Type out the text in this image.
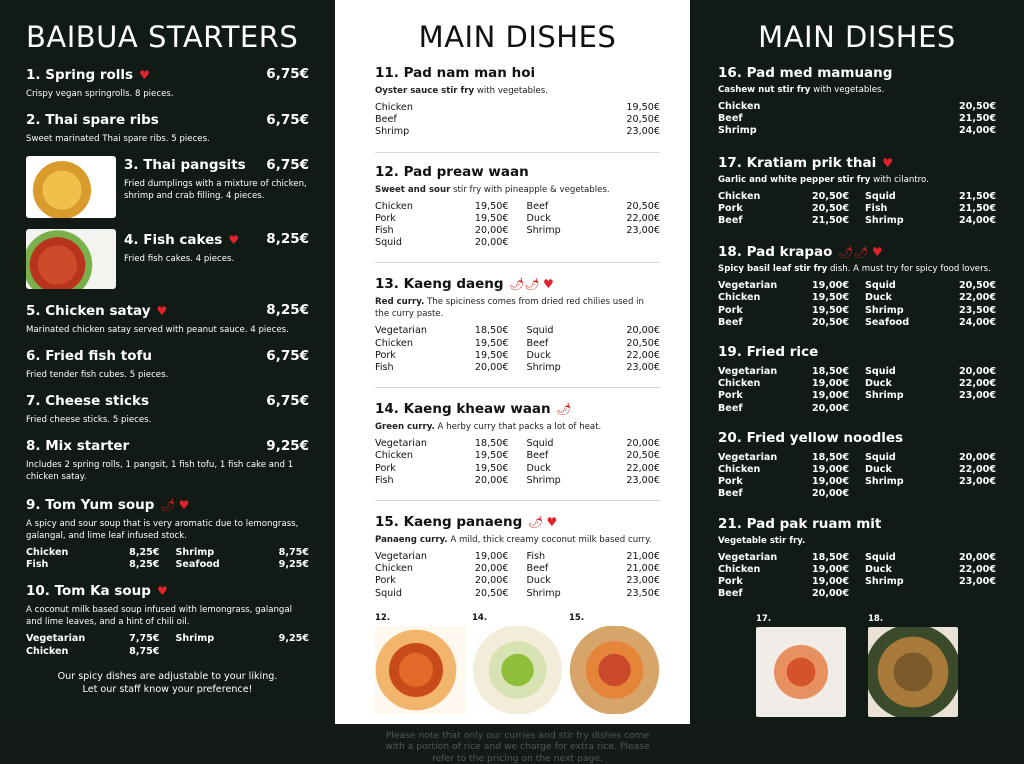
BAIBUA STARTERS
1. Spring rolls ♥	6,75€
Crispy vegan springrolls. 8 pieces.
2. Thai spare ribs	6,75€
Sweet marinated Thai spare ribs. 5 pieces.
3. Thai pangsits 6,75€
Fried dumplings with a mixture of chicken, shrimp and crab filling. 4 pieces.
4. Fish cakes ♥ 8,25€
Fried fish cakes. 4 pieces.
5. Chicken satay ♥	8,25€
Marinated chicken satay served with peanut sauce. 4 pieces.
6. Fried fish tofu	6,75€
Fried tender fish cubes. 5 pieces.
7. Cheese sticks	6,75€
Fried cheese sticks. 5 pieces.
8. Mix starter	9,25€
Includes 2 spring rolls, 1 pangsit, 1 fish tofu, 1 fish cake and 1 chicken satay.
9. Tom Yum soup 🌶 ♥
A spicy and sour soup that is very aromatic due to lemongrass, galangal, and lime leaf infused stock.
Chicken	8,25€ Shrimp	8,75€
Fish	8,25€ Seafood	9,25€
10. Tom Ka soup ♥
A coconut milk based soup infused with lemongrass, galangal and lime leaves, and a hint of chili oil.
Vegetarian	7,75€ Shrimp	9,25€
Chicken	8,75€
Our spicy dishes are adjustable to your liking.
Let our staff know your preference!
MAIN DISHES
11. Pad nam man hoi
Oyster sauce stir fry with vegetables.
Chicken	19,50€
Beef	20,50€
Shrimp	23,00€
12. Pad preaw waan
Sweet and sour stir fry with pineapple & vegetables.
Chicken	19,50€ Beef	20,50€
Pork	19,50€ Duck	22,00€
Fish	20,00€ Shrimp	23,00€
Squid	20,00€
13. Kaeng daeng 🌶🌶 ♥
Red curry. The spiciness comes from dried red chilies used in the curry paste.
Vegetarian	18,50€ Squid	20,00€
Chicken	19,50€ Beef	20,50€
Pork	19,50€ Duck	22,00€
Fish	20,00€ Shrimp	23,00€
14. Kaeng kheaw waan 🌶
Green curry. A herby curry that packs a lot of heat.
Vegetarian	18,50€ Squid	20,00€
Chicken	19,50€ Beef	20,50€
Pork	19,50€ Duck	22,00€
Fish	20,00€ Shrimp	23,00€
15. Kaeng panaeng 🌶 ♥
Panaeng curry. A mild, thick creamy coconut milk based curry.
Vegetarian	19,00€ Fish	21,00€
Chicken	20,00€ Beef	21,00€
Pork	20,00€ Duck	23,00€
Squid	20,50€ Shrimp	23,50€
12.	14.	15.
Please note that only our curries and stir fry dishes come with a portion of rice and we charge for extra rice. Please refer to the pricing on the next page.
MAIN DISHES
16. Pad med mamuang
Cashew nut stir fry with vegetables.
Chicken	20,50€
Beef	21,50€
Shrimp	24,00€
17. Kratiam prik thai ♥
Garlic and white pepper stir fry with cilantro.
Chicken	20,50€ Squid	21,50€
Pork	20,50€ Fish	21,50€
Beef	21,50€ Shrimp	24,00€
18. Pad krapao 🌶🌶 ♥
Spicy basil leaf stir fry dish. A must try for spicy food lovers.
Vegetarian	19,00€ Squid	20,50€
Chicken	19,50€ Duck	22,00€
Pork	19,50€ Shrimp	23,50€
Beef	20,50€ Seafood	24,00€
19. Fried rice
Vegetarian	18,50€ Squid	20,00€
Chicken	19,00€ Duck	22,00€
Pork	19,00€ Shrimp	23,00€
Beef	20,00€
20. Fried yellow noodles
Vegetarian	18,50€ Squid	20,00€
Chicken	19,00€ Duck	22,00€
Pork	19,00€ Shrimp	23,00€
Beef	20,00€
21. Pad pak ruam mit
Vegetable stir fry.
Vegetarian	18,50€ Squid	20,00€
Chicken	19,00€ Duck	22,00€
Pork	19,00€ Shrimp	23,00€
Beef	20,00€
17.	18.
